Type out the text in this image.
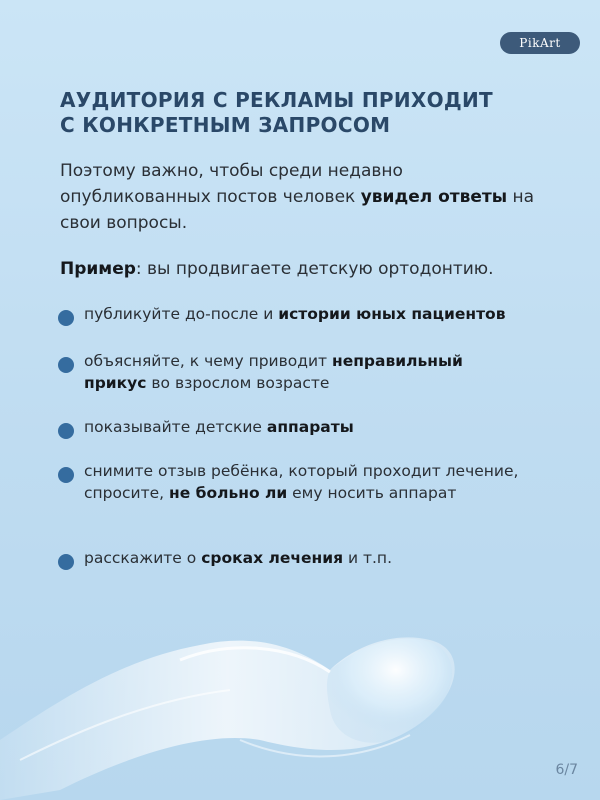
PikArt
АУДИТОРИЯ С РЕКЛАМЫ ПРИХОДИТ
С КОНКРЕТНЫМ ЗАПРОСОМ

Поэтому важно, чтобы среди недавно опубликованных постов человек увидел ответы на свои вопросы.

Пример: вы продвигаете детскую ортодонтию.

публикуйте до-после и истории юных пациентов
объясняйте, к чему приводит неправильный прикус во взрослом возрасте
показывайте детские аппараты
снимите отзыв ребёнка, который проходит лечение, спросите, не больно ли ему носить аппарат
расскажите о сроках лечения и т.п.
6/7
